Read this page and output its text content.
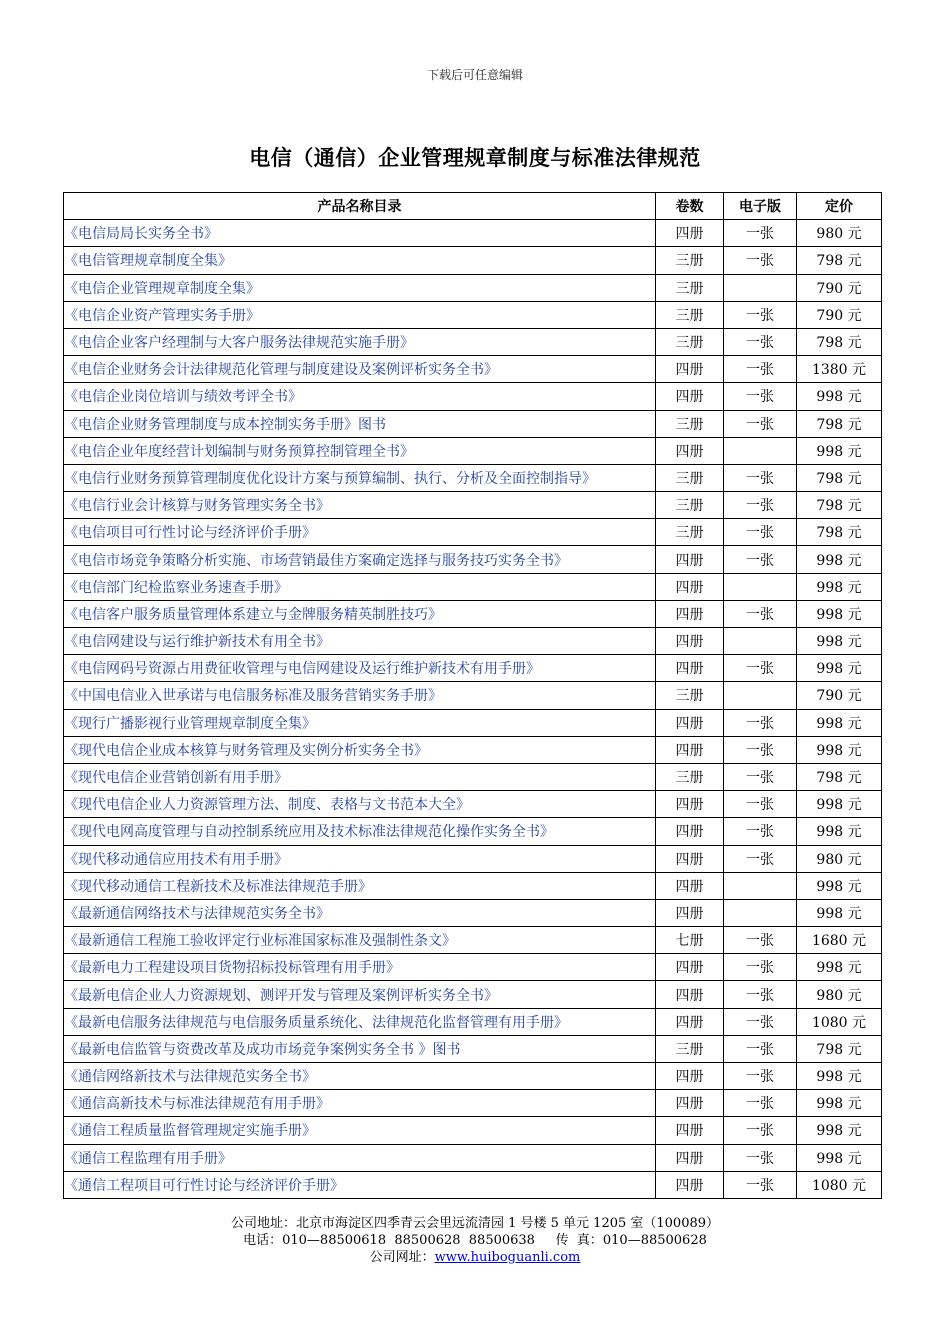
下载后可任意编辑
电信（通信）企业管理规章制度与标准法律规范
产品名称目录	卷数	电子版	定价
《电信局局长实务全书》	四册	一张	980 元
《电信管理规章制度全集》	三册	一张	798 元
《电信企业管理规章制度全集》	三册		790 元
《电信企业资产管理实务手册》	三册	一张	790 元
《电信企业客户经理制与大客户服务法律规范实施手册》	三册	一张	798 元
《电信企业财务会计法律规范化管理与制度建设及案例评析实务全书》	四册	一张	1380 元
《电信企业岗位培训与绩效考评全书》	四册	一张	998 元
《电信企业财务管理制度与成本控制实务手册》图书	三册	一张	798 元
《电信企业年度经营计划编制与财务预算控制管理全书》	四册		998 元
《电信行业财务预算管理制度优化设计方案与预算编制、执行、分析及全面控制指导》	三册	一张	798 元
《电信行业会计核算与财务管理实务全书》	三册	一张	798 元
《电信项目可行性讨论与经济评价手册》	三册	一张	798 元
《电信市场竞争策略分析实施、市场营销最佳方案确定选择与服务技巧实务全书》	四册	一张	998 元
《电信部门纪检监察业务速查手册》	四册		998 元
《电信客户服务质量管理体系建立与金牌服务精英制胜技巧》	四册	一张	998 元
《电信网建设与运行维护新技术有用全书》	四册		998 元
《电信网码号资源占用费征收管理与电信网建设及运行维护新技术有用手册》	四册	一张	998 元
《中国电信业入世承诺与电信服务标准及服务营销实务手册》	三册		790 元
《现行广播影视行业管理规章制度全集》	四册	一张	998 元
《现代电信企业成本核算与财务管理及实例分析实务全书》	四册	一张	998 元
《现代电信企业营销创新有用手册》	三册	一张	798 元
《现代电信企业人力资源管理方法、制度、表格与文书范本大全》	四册	一张	998 元
《现代电网高度管理与自动控制系统应用及技术标准法律规范化操作实务全书》	四册	一张	998 元
《现代移动通信应用技术有用手册》	四册	一张	980 元
《现代移动通信工程新技术及标准法律规范手册》	四册		998 元
《最新通信网络技术与法律规范实务全书》	四册		998 元
《最新通信工程施工验收评定行业标准国家标准及强制性条文》	七册	一张	1680 元
《最新电力工程建设项目货物招标投标管理有用手册》	四册	一张	998 元
《最新电信企业人力资源规划、测评开发与管理及案例评析实务全书》	四册	一张	980 元
《最新电信服务法律规范与电信服务质量系统化、法律规范化监督管理有用手册》	四册	一张	1080 元
《最新电信监管与资费改革及成功市场竞争案例实务全书 》图书	三册	一张	798 元
《通信网络新技术与法律规范实务全书》	四册	一张	998 元
《通信高新技术与标准法律规范有用手册》	四册	一张	998 元
《通信工程质量监督管理规定实施手册》	四册	一张	998 元
《通信工程监理有用手册》	四册	一张	998 元
《通信工程项目可行性讨论与经济评价手册》	四册	一张	1080 元
公司地址：北京市海淀区四季青云会里远流清园 1 号楼 5 单元 1205 室（100089）
电话：010—88500618  88500628  88500638     传  真：010—88500628
公司网址：www.huiboguanli.com
